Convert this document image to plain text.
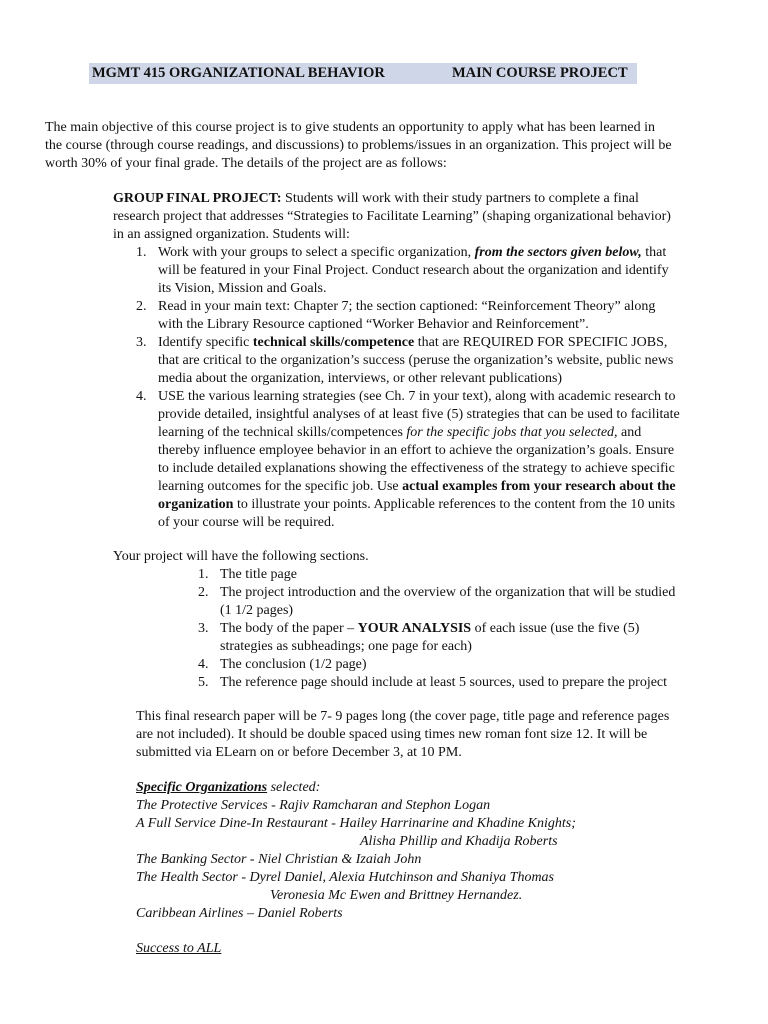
MGMT 415 ORGANIZATIONAL BEHAVIOR	MAIN COURSE PROJECT
The main objective of this course project is to give students an opportunity to apply what has been learned in
the course (through course readings, and discussions) to problems/issues in an organization. This project will be
worth 30% of your final grade. The details of the project are as follows:
GROUP FINAL PROJECT: Students will work with their study partners to complete a final
research project that addresses “Strategies to Facilitate Learning” (shaping organizational behavior)
in an assigned organization. Students will:
1. Work with your groups to select a specific organization, from the sectors given below, that
will be featured in your Final Project. Conduct research about the organization and identify
its Vision, Mission and Goals.
2. Read in your main text: Chapter 7; the section captioned: “Reinforcement Theory” along
with the Library Resource captioned “Worker Behavior and Reinforcement”.
3. Identify specific technical skills/competence that are REQUIRED FOR SPECIFIC JOBS,
that are critical to the organization’s success (peruse the organization’s website, public news
media about the organization, interviews, or other relevant publications)
4. USE the various learning strategies (see Ch. 7 in your text), along with academic research to
provide detailed, insightful analyses of at least five (5) strategies that can be used to facilitate
learning of the technical skills/competences for the specific jobs that you selected, and
thereby influence employee behavior in an effort to achieve the organization’s goals. Ensure
to include detailed explanations showing the effectiveness of the strategy to achieve specific
learning outcomes for the specific job. Use actual examples from your research about the
organization to illustrate your points. Applicable references to the content from the 10 units
of your course will be required.
Your project will have the following sections.
1. The title page
2. The project introduction and the overview of the organization that will be studied
(1 1/2 pages)
3. The body of the paper – YOUR ANALYSIS of each issue (use the five (5)
strategies as subheadings; one page for each)
4. The conclusion (1/2 page)
5. The reference page should include at least 5 sources, used to prepare the project
This final research paper will be 7- 9 pages long (the cover page, title page and reference pages
are not included). It should be double spaced using times new roman font size 12. It will be
submitted via ELearn on or before December 3, at 10 PM.
Specific Organizations selected:
The Protective Services - Rajiv Ramcharan and Stephon Logan
A Full Service Dine-In Restaurant - Hailey Harrinarine and Khadine Knights;
Alisha Phillip and Khadija Roberts
The Banking Sector - Niel Christian & Izaiah John
The Health Sector - Dyrel Daniel, Alexia Hutchinson and Shaniya Thomas
Veronesia Mc Ewen and Brittney Hernandez.
Caribbean Airlines – Daniel Roberts
Success to ALL
